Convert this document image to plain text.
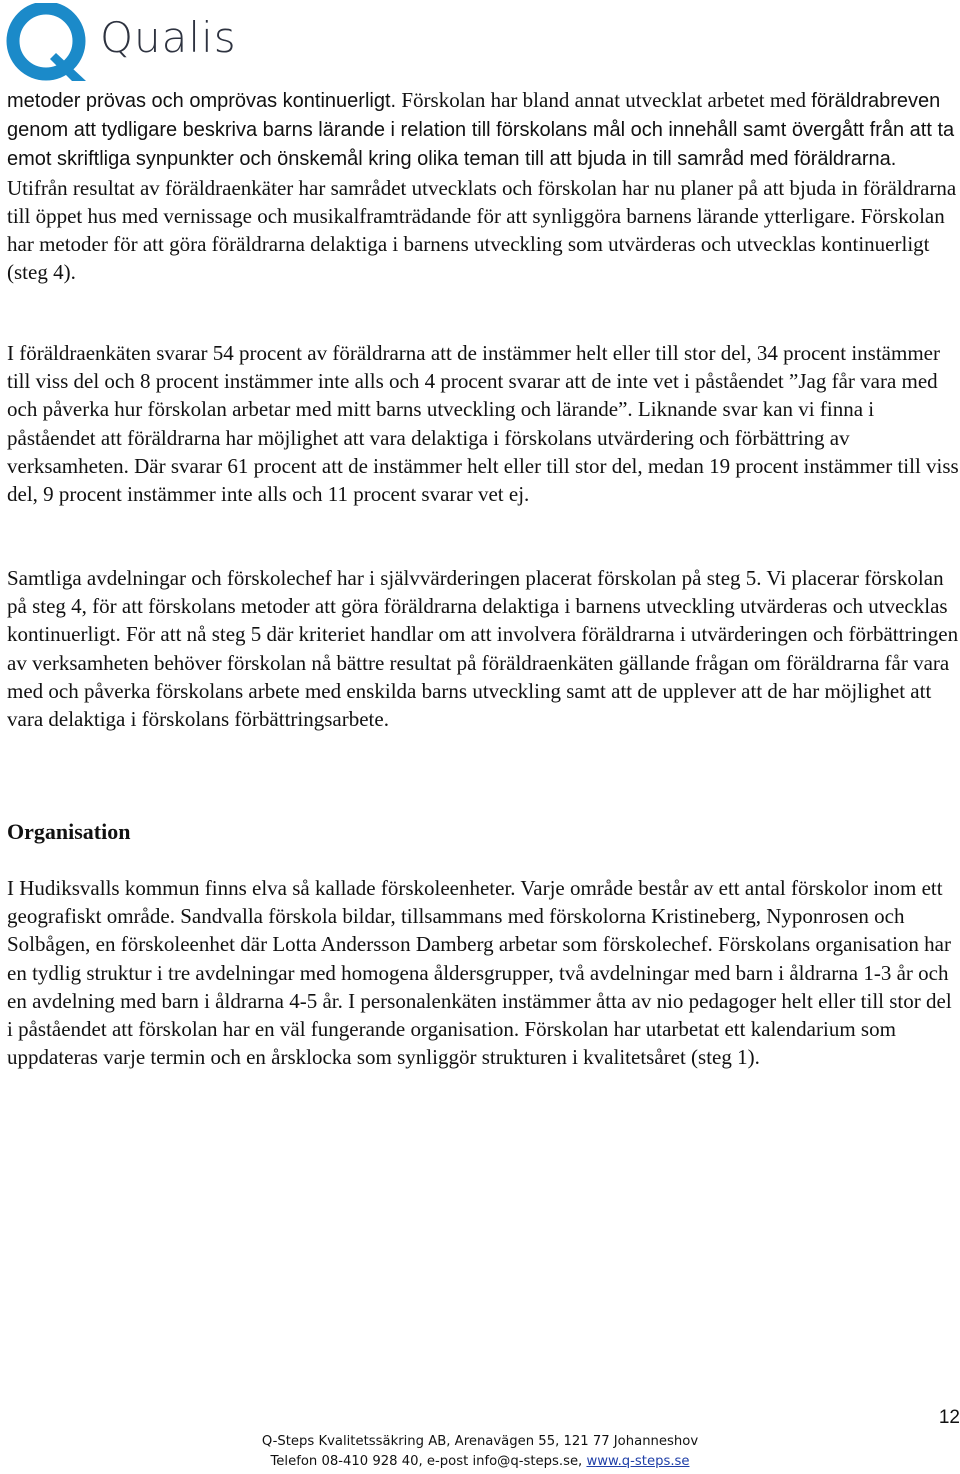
Qualis

metoder prövas och omprövas kontinuerligt. Förskolan har bland annat utvecklat arbetet med föräldrabreven genom att tydligare beskriva barns lärande i relation till förskolans mål och innehåll samt övergått från att ta emot skriftliga synpunkter och önskemål kring olika teman till att bjuda in till samråd med föräldrarna. Utifrån resultat av föräldraenkäter har samrådet utvecklats och förskolan har nu planer på att bjuda in föräldrarna till öppet hus med vernissage och musikalframträdande för att synliggöra barnens lärande ytterligare. Förskolan har metoder för att göra föräldrarna delaktiga i barnens utveckling som utvärderas och utvecklas kontinuerligt (steg 4).

I föräldraenkäten svarar 54 procent av föräldrarna att de instämmer helt eller till stor del, 34 procent instämmer till viss del och 8 procent instämmer inte alls och 4 procent svarar att de inte vet i påståendet ”Jag får vara med och påverka hur förskolan arbetar med mitt barns utveckling och lärande”. Liknande svar kan vi finna i påståendet att föräldrarna har möjlighet att vara delaktiga i förskolans utvärdering och förbättring av verksamheten. Där svarar 61 procent att de instämmer helt eller till stor del, medan 19 procent instämmer till viss del, 9 procent instämmer inte alls och 11 procent svarar vet ej.

Samtliga avdelningar och förskolechef har i självvärderingen placerat förskolan på steg 5. Vi placerar förskolan på steg 4, för att förskolans metoder att göra föräldrarna delaktiga i barnens utveckling utvärderas och utvecklas kontinuerligt. För att nå steg 5 där kriteriet handlar om att involvera föräldrarna i utvärderingen och förbättringen av verksamheten behöver förskolan nå bättre resultat på föräldraenkäten gällande frågan om föräldrarna får vara med och påverka förskolans arbete med enskilda barns utveckling samt att de upplever att de har möjlighet att vara delaktiga i förskolans förbättringsarbete.

Organisation

I Hudiksvalls kommun finns elva så kallade förskoleenheter. Varje område består av ett antal förskolor inom ett geografiskt område. Sandvalla förskola bildar, tillsammans med förskolorna Kristineberg, Nyponrosen och Solbågen, en förskoleenhet där Lotta Andersson Damberg arbetar som förskolechef. Förskolans organisation har en tydlig struktur i tre avdelningar med homogena åldersgrupper, två avdelningar med barn i åldrarna 1-3 år och en avdelning med barn i åldrarna 4-5 år. I personalenkäten instämmer åtta av nio pedagoger helt eller till stor del i påståendet att förskolan har en väl fungerande organisation. Förskolan har utarbetat ett kalendarium som uppdateras varje termin och en årsklocka som synliggör strukturen i kvalitetsåret (steg 1).

12
Q-Steps Kvalitetssäkring AB, Arenavägen 55, 121 77 Johanneshov
Telefon 08-410 928 40, e-post info@q-steps.se, www.q-steps.se
